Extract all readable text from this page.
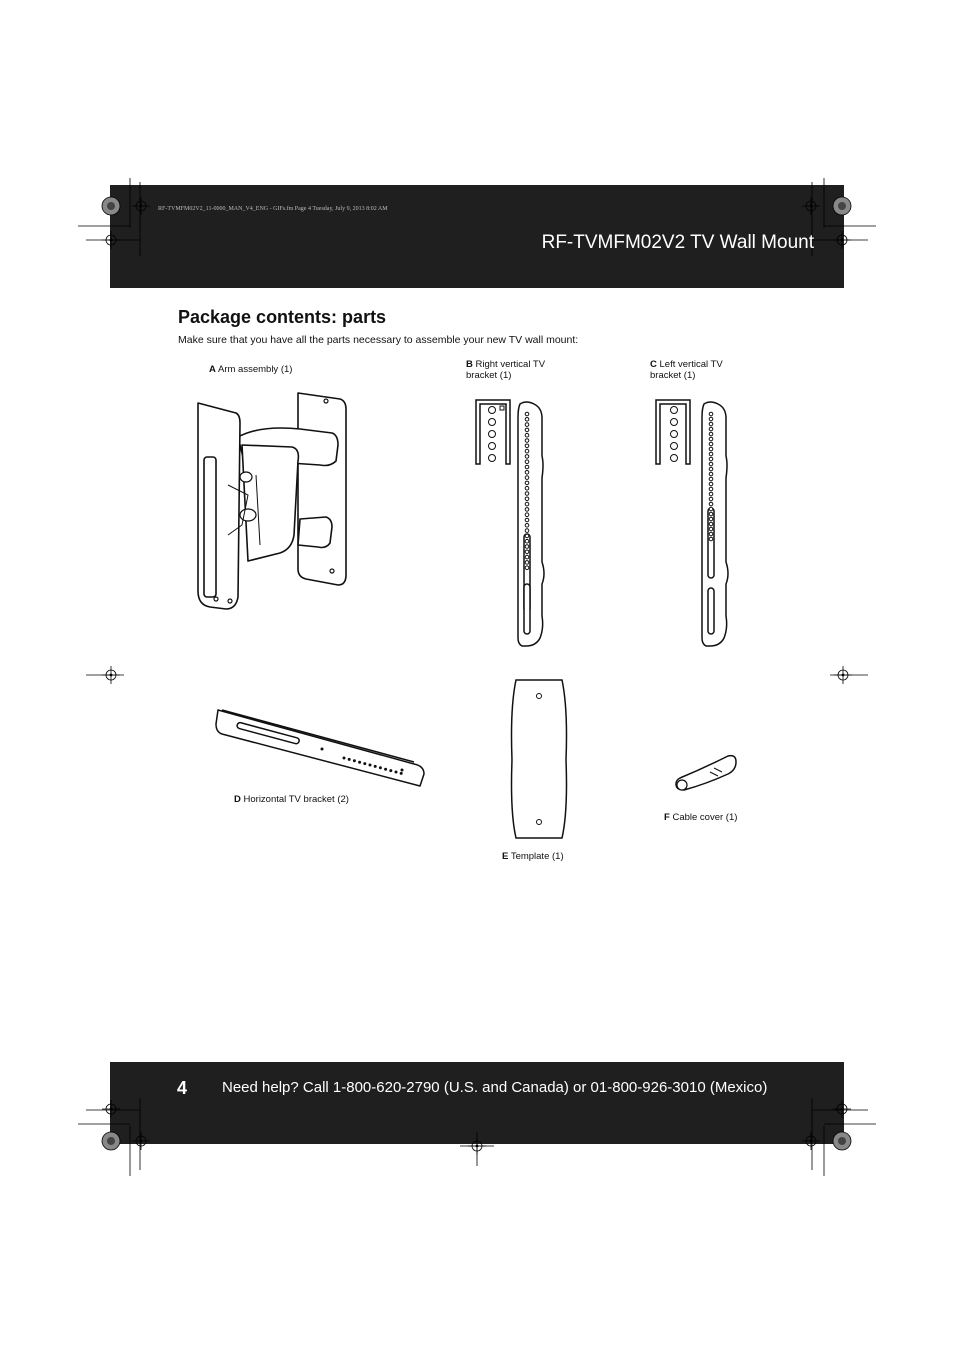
RF-TVMFM02V2_11-0000_MAN_V4_ENG - GIFs.fm Page 4 Tuesday, July 9, 2013 8:02 AM
RF-TVMFM02V2 TV Wall Mount
Package contents: parts
Make sure that you have all the parts necessary to assemble your new TV wall mount:
A Arm assembly (1)	B Right vertical TV
bracket (1)
C Left vertical TV
bracket (1)
D Horizontal TV bracket (2)
E Template (1)
F Cable cover (1)
4 Need help? Call 1-800-620-2790 (U.S. and Canada) or 01-800-926-3010 (Mexico)
